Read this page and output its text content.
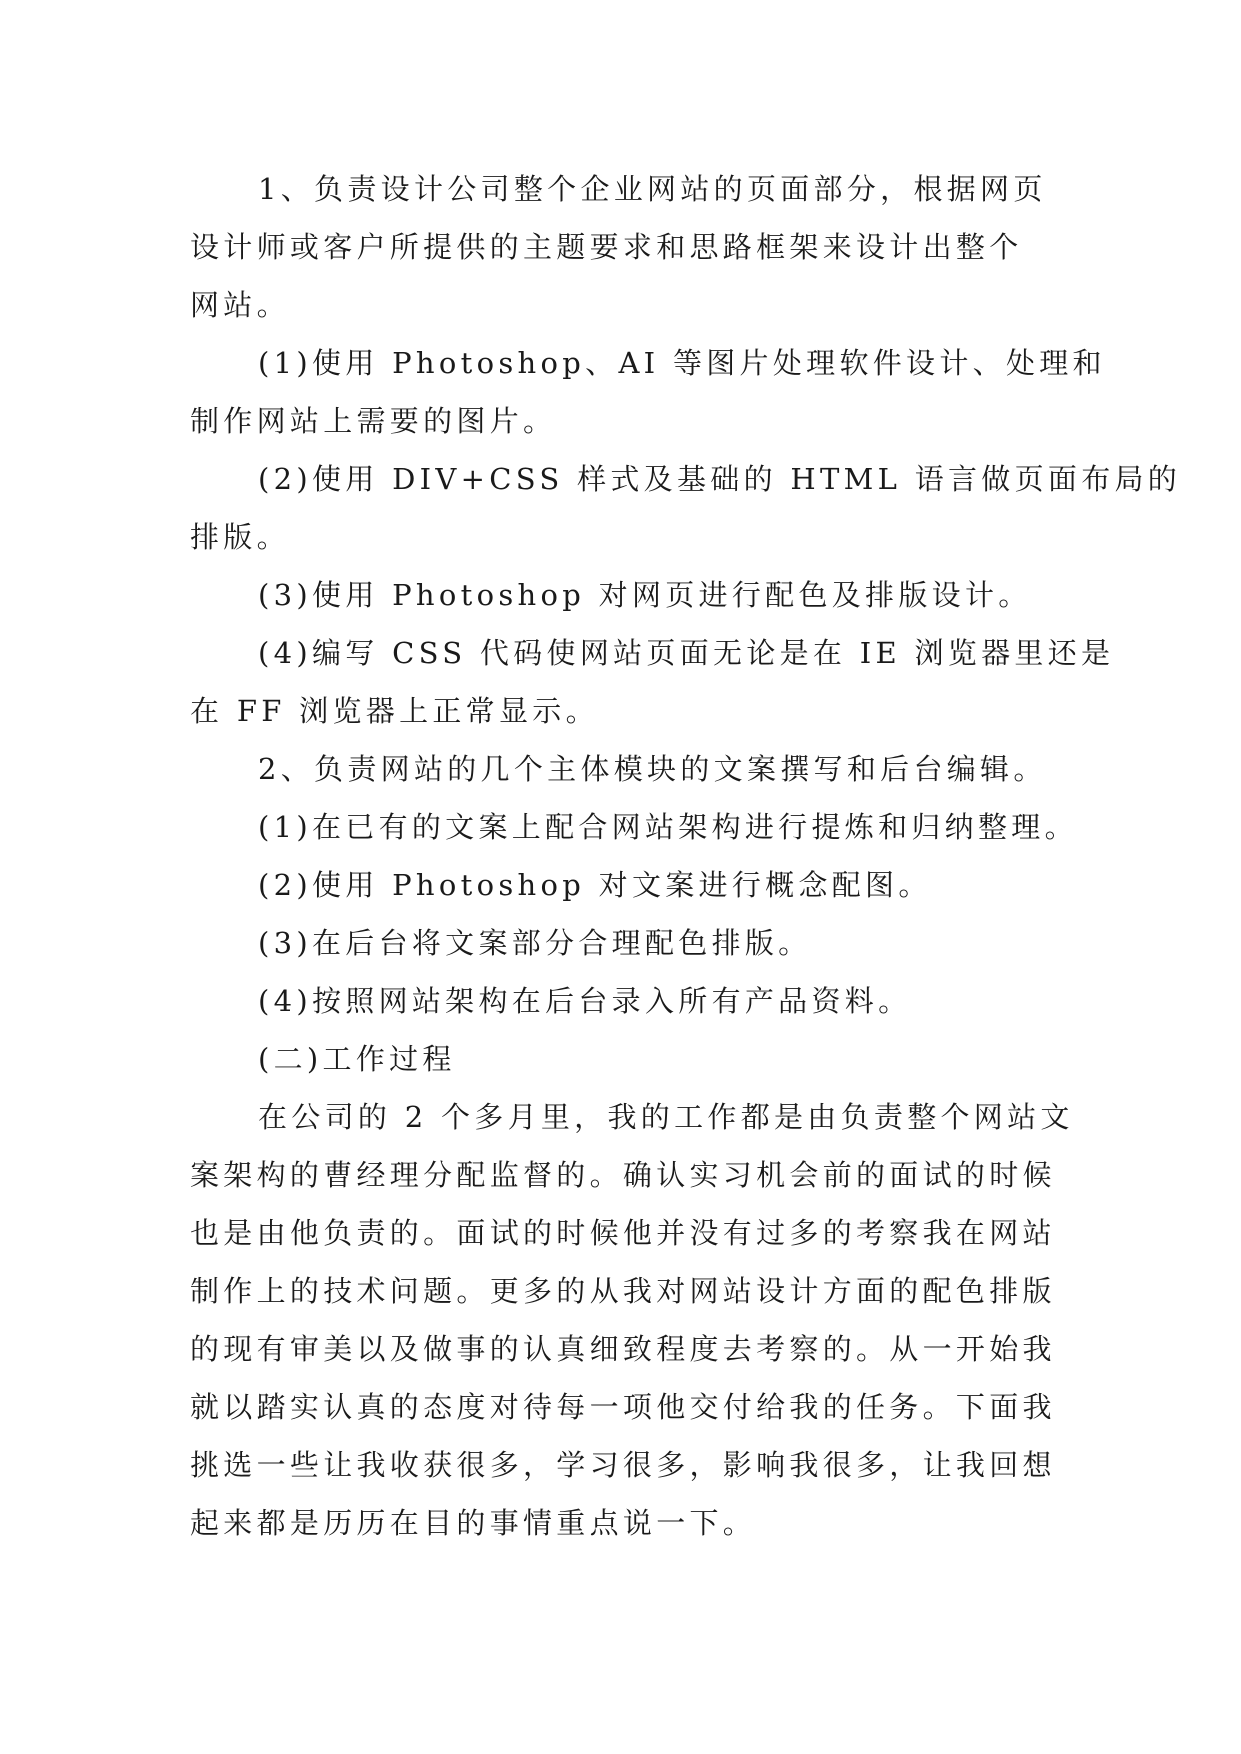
1、负责设计公司整个企业网站的页面部分，根据网页

设计师或客户所提供的主题要求和思路框架来设计出整个
网站。

(1)使用 Photoshop、AI 等图片处理软件设计、处理和

制作网站上需要的图片。

(2)使用 DIV+CSS 样式及基础的 HTML 语言做页面布局的

排版。

(3)使用 Photoshop 对网页进行配色及排版设计。

(4)编写 CSS 代码使网站页面无论是在 IE 浏览器里还是

在 FF 浏览器上正常显示。

2、负责网站的几个主体模块的文案撰写和后台编辑。

(1)在已有的文案上配合网站架构进行提炼和归纳整理。

(2)使用 Photoshop 对文案进行概念配图。

(3)在后台将文案部分合理配色排版。

(4)按照网站架构在后台录入所有产品资料。

(二)工作过程

在公司的 2 个多月里，我的工作都是由负责整个网站文

案架构的曹经理分配监督的。确认实习机会前的面试的时候
也是由他负责的。面试的时候他并没有过多的考察我在网站
制作上的技术问题。更多的从我对网站设计方面的配色排版
的现有审美以及做事的认真细致程度去考察的。从一开始我
就以踏实认真的态度对待每一项他交付给我的任务。下面我
挑选一些让我收获很多，学习很多，影响我很多，让我回想
起来都是历历在目的事情重点说一下。
